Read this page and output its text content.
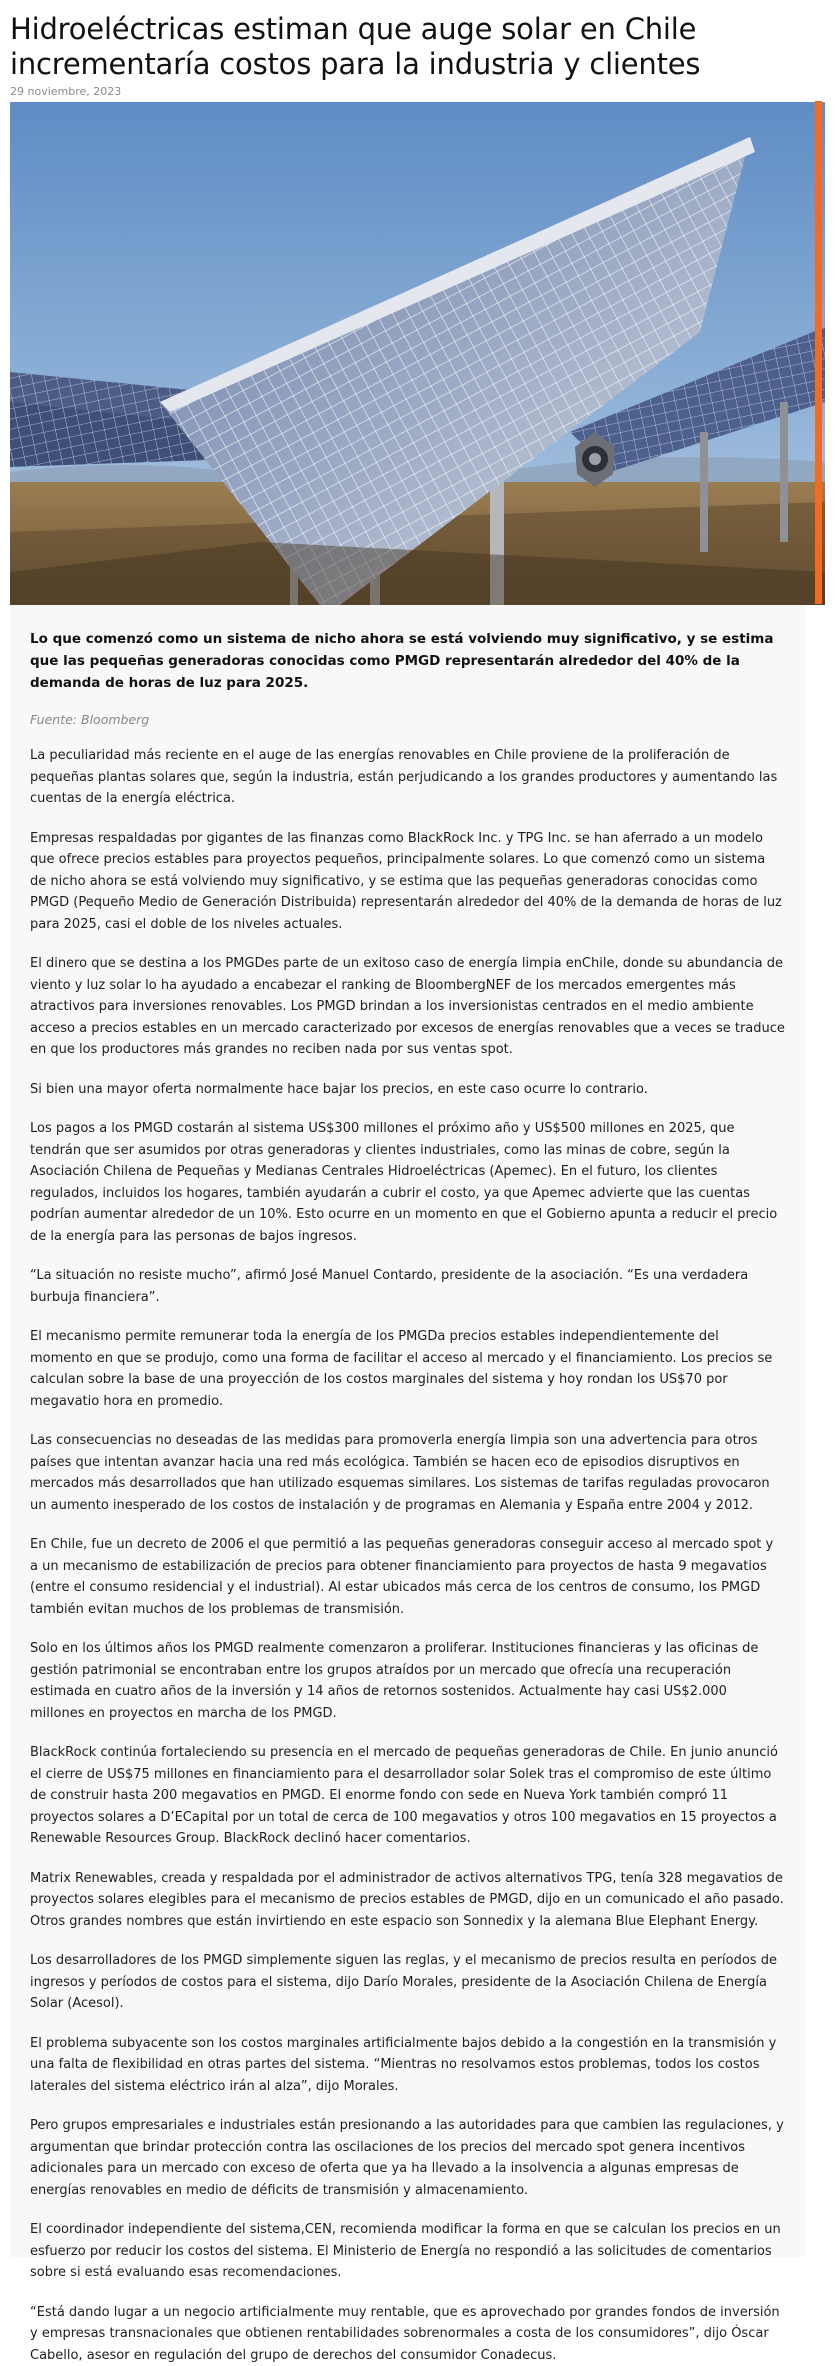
Hidroeléctricas estiman que auge solar en Chile incrementaría costos para la industria y clientes
29 noviembre, 2023

Lo que comenzó como un sistema de nicho ahora se está volviendo muy significativo, y se estima que las pequeñas generadoras conocidas como PMGD representarán alrededor del 40% de la demanda de horas de luz para 2025.

Fuente: Bloomberg

La peculiaridad más reciente en el auge de las energías renovables en Chile proviene de la proliferación de pequeñas plantas solares que, según la industria, están perjudicando a los grandes productores y aumentando las cuentas de la energía eléctrica.

Empresas respaldadas por gigantes de las finanzas como BlackRock Inc. y TPG Inc. se han aferrado a un modelo que ofrece precios estables para proyectos pequeños, principalmente solares. Lo que comenzó como un sistema de nicho ahora se está volviendo muy significativo, y se estima que las pequeñas generadoras conocidas como PMGD (Pequeño Medio de Generación Distribuida) representarán alrededor del 40% de la demanda de horas de luz para 2025, casi el doble de los niveles actuales.

El dinero que se destina a los PMGDes parte de un exitoso caso de energía limpia enChile, donde su abundancia de viento y luz solar lo ha ayudado a encabezar el ranking de BloombergNEF de los mercados emergentes más atractivos para inversiones renovables. Los PMGD brindan a los inversionistas centrados en el medio ambiente acceso a precios estables en un mercado caracterizado por excesos de energías renovables que a veces se traduce en que los productores más grandes no reciben nada por sus ventas spot.

Si bien una mayor oferta normalmente hace bajar los precios, en este caso ocurre lo contrario.

Los pagos a los PMGD costarán al sistema US$300 millones el próximo año y US$500 millones en 2025, que tendrán que ser asumidos por otras generadoras y clientes industriales, como las minas de cobre, según la Asociación Chilena de Pequeñas y Medianas Centrales Hidroeléctricas (Apemec). En el futuro, los clientes regulados, incluidos los hogares, también ayudarán a cubrir el costo, ya que Apemec advierte que las cuentas podrían aumentar alrededor de un 10%. Esto ocurre en un momento en que el Gobierno apunta a reducir el precio de la energía para las personas de bajos ingresos.

“La situación no resiste mucho”, afirmó José Manuel Contardo, presidente de la asociación. “Es una verdadera burbuja financiera”.

El mecanismo permite remunerar toda la energía de los PMGDa precios estables independientemente del momento en que se produjo, como una forma de facilitar el acceso al mercado y el financiamiento. Los precios se calculan sobre la base de una proyección de los costos marginales del sistema y hoy rondan los US$70 por megavatio hora en promedio.

Las consecuencias no deseadas de las medidas para promoverla energía limpia son una advertencia para otros países que intentan avanzar hacia una red más ecológica. También se hacen eco de episodios disruptivos en mercados más desarrollados que han utilizado esquemas similares. Los sistemas de tarifas reguladas provocaron un aumento inesperado de los costos de instalación y de programas en Alemania y España entre 2004 y 2012.

En Chile, fue un decreto de 2006 el que permitió a las pequeñas generadoras conseguir acceso al mercado spot y a un mecanismo de estabilización de precios para obtener financiamiento para proyectos de hasta 9 megavatios (entre el consumo residencial y el industrial). Al estar ubicados más cerca de los centros de consumo, los PMGD también evitan muchos de los problemas de transmisión.

Solo en los últimos años los PMGD realmente comenzaron a proliferar. Instituciones financieras y las oficinas de gestión patrimonial se encontraban entre los grupos atraídos por un mercado que ofrecía una recuperación estimada en cuatro años de la inversión y 14 años de retornos sostenidos. Actualmente hay casi US$2.000 millones en proyectos en marcha de los PMGD.

BlackRock continúa fortaleciendo su presencia en el mercado de pequeñas generadoras de Chile. En junio anunció el cierre de US$75 millones en financiamiento para el desarrollador solar Solek tras el compromiso de este último de construir hasta 200 megavatios en PMGD. El enorme fondo con sede en Nueva York también compró 11 proyectos solares a D’ECapital por un total de cerca de 100 megavatios y otros 100 megavatios en 15 proyectos a Renewable Resources Group. BlackRock declinó hacer comentarios.

Matrix Renewables, creada y respaldada por el administrador de activos alternativos TPG, tenía 328 megavatios de proyectos solares elegibles para el mecanismo de precios estables de PMGD, dijo en un comunicado el año pasado. Otros grandes nombres que están invirtiendo en este espacio son Sonnedix y la alemana Blue Elephant Energy.

Los desarrolladores de los PMGD simplemente siguen las reglas, y el mecanismo de precios resulta en períodos de ingresos y períodos de costos para el sistema, dijo Darío Morales, presidente de la Asociación Chilena de Energía Solar (Acesol).

El problema subyacente son los costos marginales artificialmente bajos debido a la congestión en la transmisión y una falta de flexibilidad en otras partes del sistema. “Mientras no resolvamos estos problemas, todos los costos laterales del sistema eléctrico irán al alza”, dijo Morales.

Pero grupos empresariales e industriales están presionando a las autoridades para que cambien las regulaciones, y argumentan que brindar protección contra las oscilaciones de los precios del mercado spot genera incentivos adicionales para un mercado con exceso de oferta que ya ha llevado a la insolvencia a algunas empresas de energías renovables en medio de déficits de transmisión y almacenamiento.

El coordinador independiente del sistema,CEN, recomienda modificar la forma en que se calculan los precios en un esfuerzo por reducir los costos del sistema. El Ministerio de Energía no respondió a las solicitudes de comentarios sobre si está evaluando esas recomendaciones.

“Está dando lugar a un negocio artificialmente muy rentable, que es aprovechado por grandes fondos de inversión y empresas transnacionales que obtienen rentabilidades sobrenormales a costa de los consumidores”, dijo Óscar Cabello, asesor en regulación del grupo de derechos del consumidor Conadecus.
